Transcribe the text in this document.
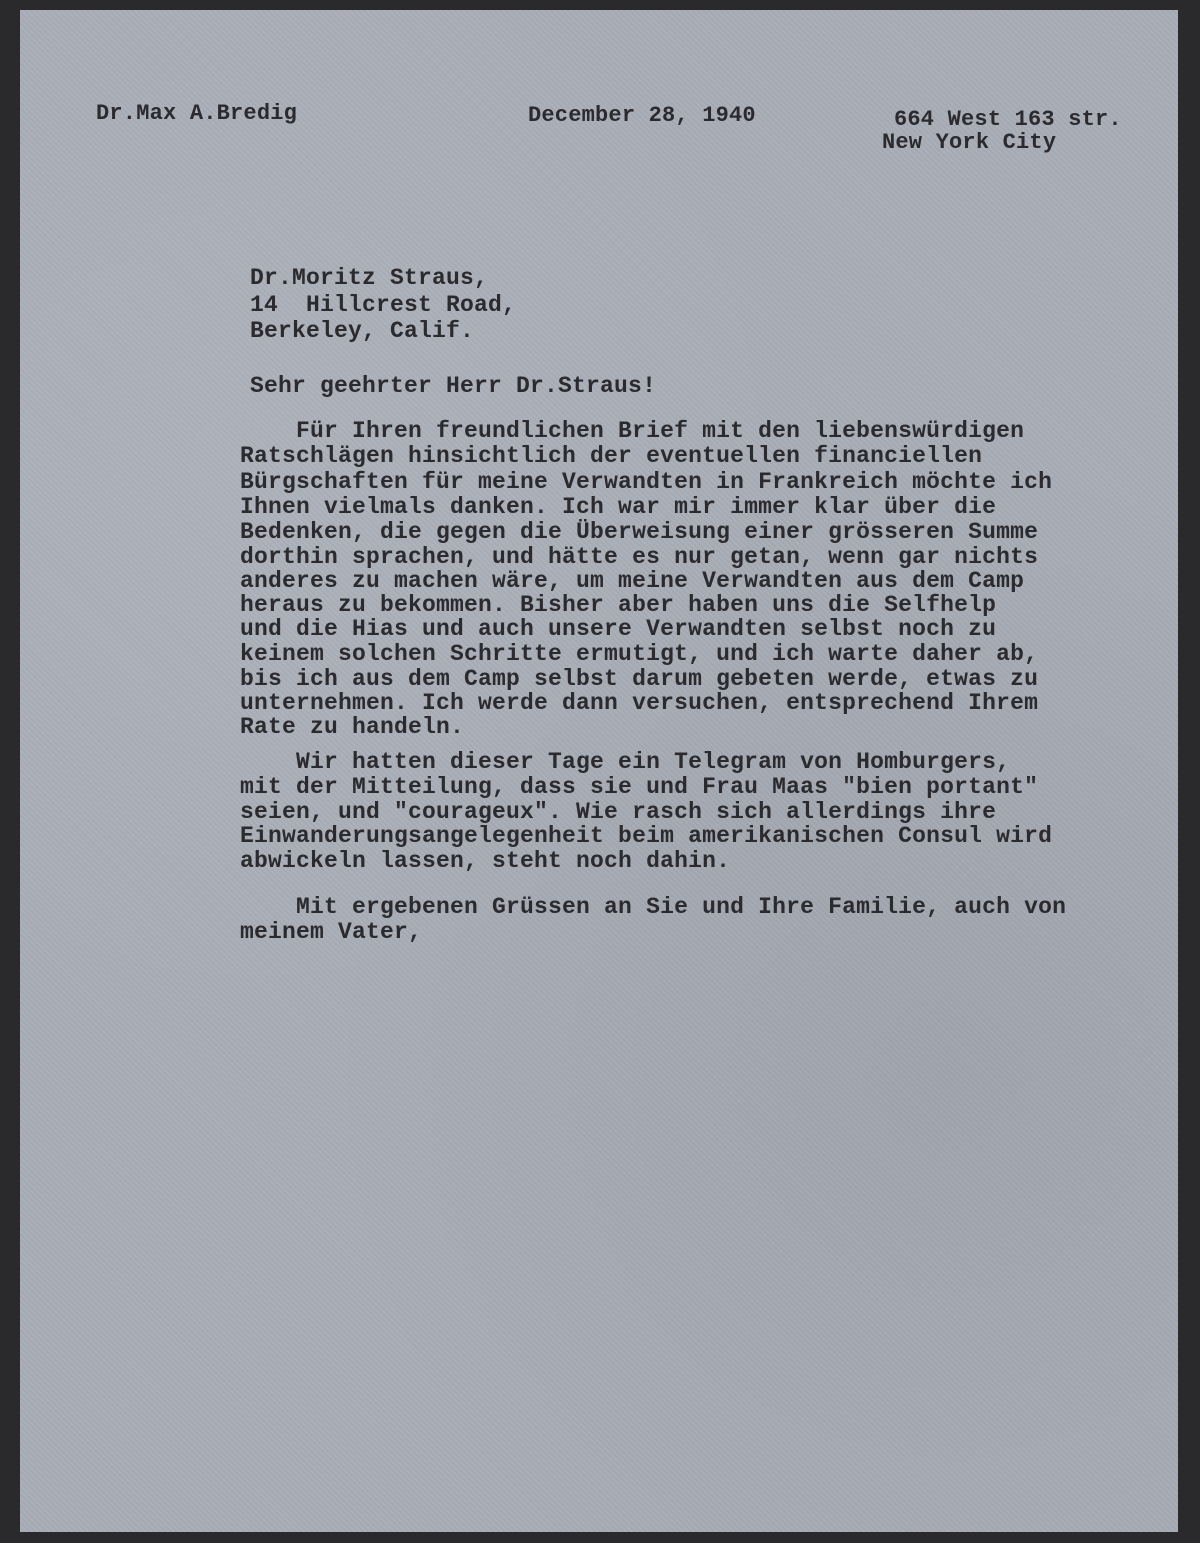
Dr.Max A.Bredig	December 28, 1940	664 West 163 str.
New York City
Dr.Moritz Straus,
14  Hillcrest Road,
Berkeley, Calif.
Sehr geehrter Herr Dr.Straus!
Für Ihren freundlichen Brief mit den liebenswürdigen
Ratschlägen hinsichtlich der eventuellen financiellen
Bürgschaften für meine Verwandten in Frankreich möchte ich
Ihnen vielmals danken. Ich war mir immer klar über die
Bedenken, die gegen die Überweisung einer grösseren Summe
dorthin sprachen, und hätte es nur getan, wenn gar nichts
anderes zu machen wäre, um meine Verwandten aus dem Camp
heraus zu bekommen. Bisher aber haben uns die Selfhelp
und die Hias und auch unsere Verwandten selbst noch zu
keinem solchen Schritte ermutigt, und ich warte daher ab,
bis ich aus dem Camp selbst darum gebeten werde, etwas zu
unternehmen. Ich werde dann versuchen, entsprechend Ihrem
Rate zu handeln.
Wir hatten dieser Tage ein Telegram von Homburgers,
mit der Mitteilung, dass sie und Frau Maas "bien portant"
seien, und "courageux". Wie rasch sich allerdings ihre
Einwanderungsangelegenheit beim amerikanischen Consul wird
abwickeln lassen, steht noch dahin.
Mit ergebenen Grüssen an Sie und Ihre Familie, auch von
meinem Vater,
